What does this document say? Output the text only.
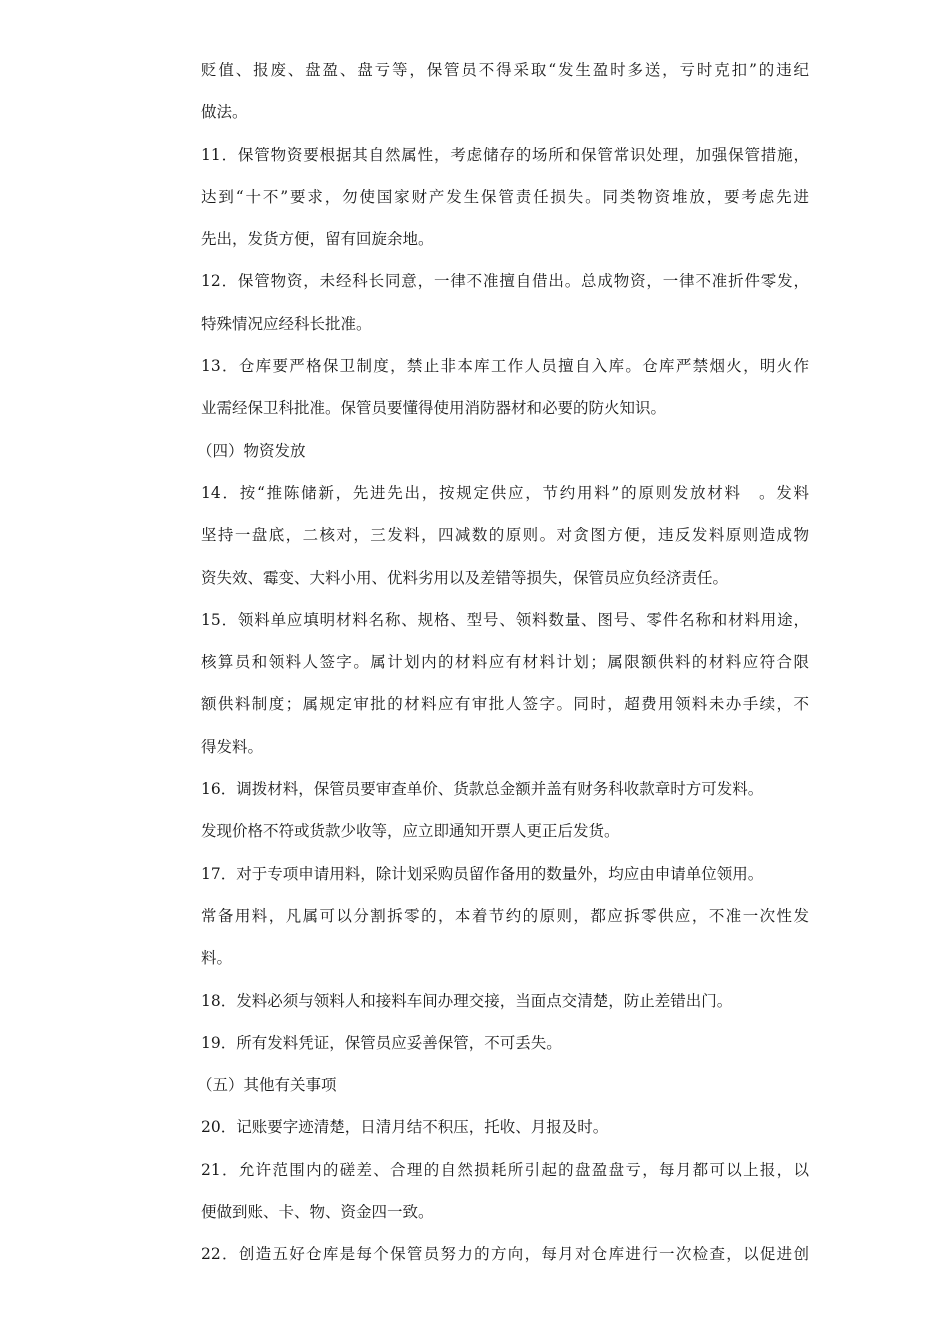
贬值、报废、盘盈、盘亏等，保管员不得采取“发生盈时多送，亏时克扣”的违纪
做法。
11．保管物资要根据其自然属性，考虑储存的场所和保管常识处理，加强保管措施，
达到“十不”要求，勿使国家财产发生保管责任损失。同类物资堆放，要考虑先进
先出，发货方便，留有回旋余地。
12．保管物资，未经科长同意，一律不准擅自借出。总成物资，一律不准折件零发，
特殊情况应经科长批准。
13．仓库要严格保卫制度，禁止非本库工作人员擅自入库。仓库严禁烟火，明火作
业需经保卫科批准。保管员要懂得使用消防器材和必要的防火知识。
（四）物资发放
14．按“推陈储新，先进先出，按规定供应，节约用料”的原则发放材料　。发料
坚持一盘底，二核对，三发料，四减数的原则。对贪图方便，违反发料原则造成物
资失效、霉变、大料小用、优料劣用以及差错等损失，保管员应负经济责任。
15．领料单应填明材料名称、规格、型号、领料数量、图号、零件名称和材料用途，
核算员和领料人签字。属计划内的材料应有材料计划；属限额供料的材料应符合限
额供料制度；属规定审批的材料应有审批人签字。同时，超费用领料未办手续，不
得发料。
16．调拨材料，保管员要审查单价、货款总金额并盖有财务科收款章时方可发料。
发现价格不符或货款少收等，应立即通知开票人更正后发货。
17．对于专项申请用料，除计划采购员留作备用的数量外，均应由申请单位领用。
常备用料，凡属可以分割拆零的，本着节约的原则，都应拆零供应，不准一次性发
料。
18．发料必须与领料人和接料车间办理交接，当面点交清楚，防止差错出门。
19．所有发料凭证，保管员应妥善保管，不可丢失。
（五）其他有关事项
20．记账要字迹清楚，日清月结不积压，托收、月报及时。
21．允许范围内的磋差、合理的自然损耗所引起的盘盈盘亏，每月都可以上报，以
便做到账、卡、物、资金四一致。
22．创造五好仓库是每个保管员努力的方向，每月对仓库进行一次检查，以促进创
